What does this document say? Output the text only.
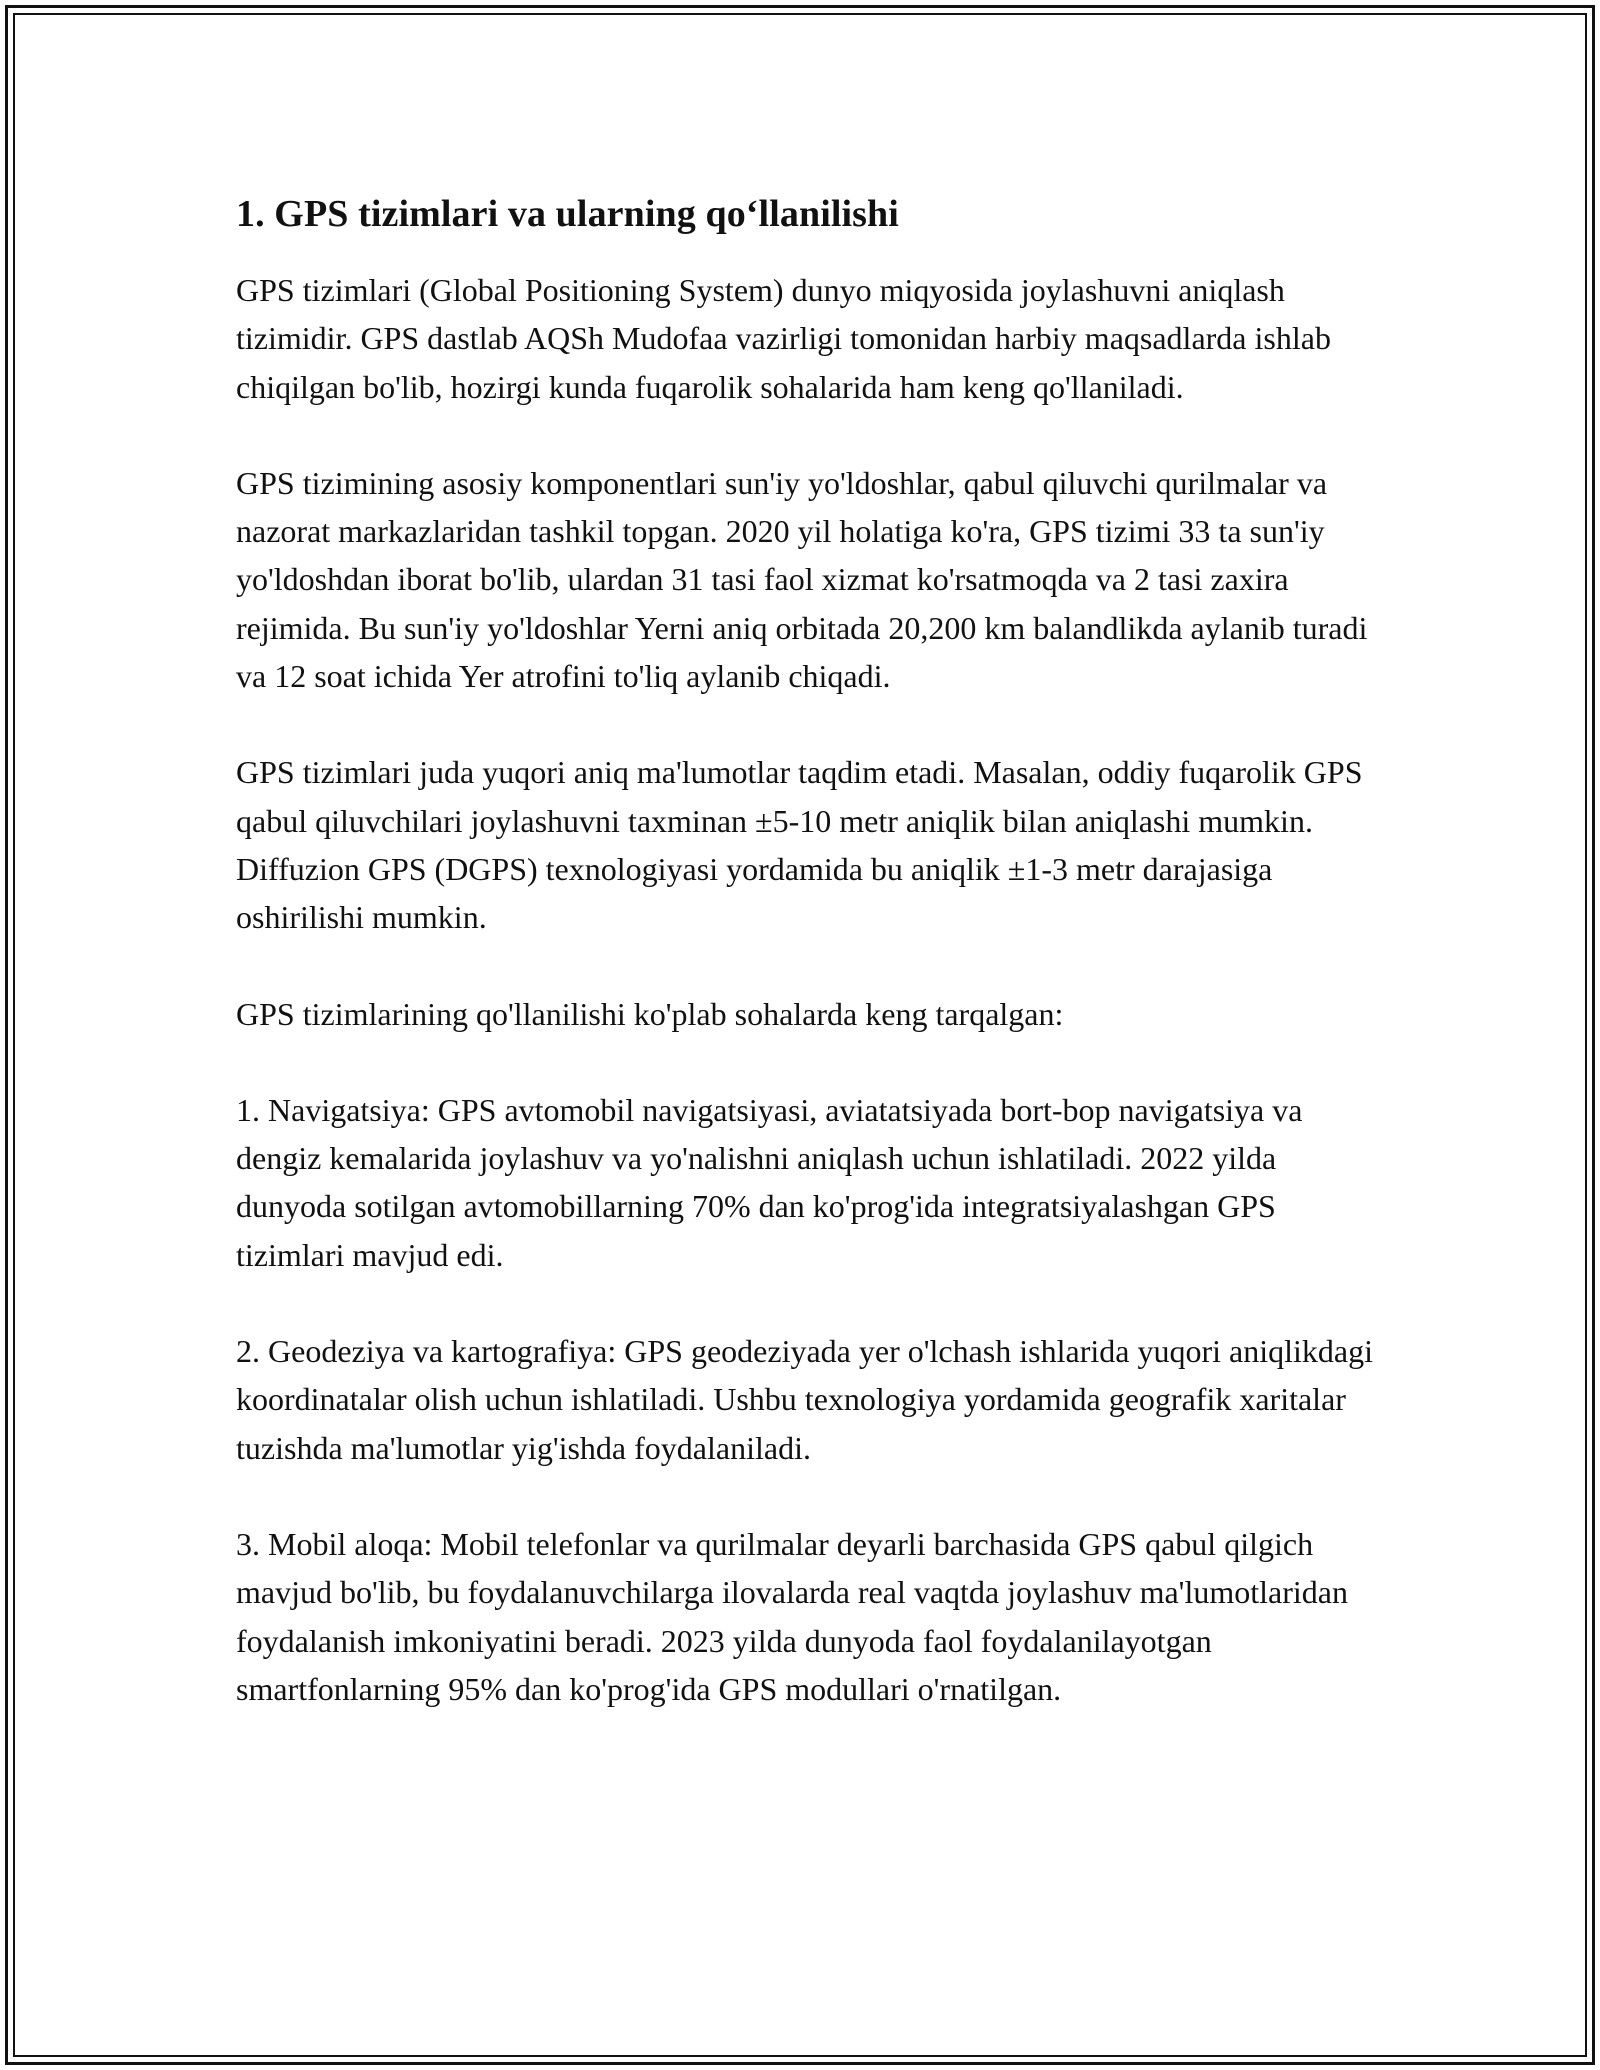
1. GPS tizimlari va ularning qo‘llanilishi

GPS tizimlari (Global Positioning System) dunyo miqyosida joylashuvni aniqlash tizimidir. GPS dastlab AQSh Mudofaa vazirligi tomonidan harbiy maqsadlarda ishlab chiqilgan bo'lib, hozirgi kunda fuqarolik sohalarida ham keng qo'llaniladi.

GPS tizimining asosiy komponentlari sun'iy yo'ldoshlar, qabul qiluvchi qurilmalar va nazorat markazlaridan tashkil topgan. 2020 yil holatiga ko'ra, GPS tizimi 33 ta sun'iy yo'ldoshdan iborat bo'lib, ulardan 31 tasi faol xizmat ko'rsatmoqda va 2 tasi zaxira rejimida. Bu sun'iy yo'ldoshlar Yerni aniq orbitada 20,200 km balandlikda aylanib turadi va 12 soat ichida Yer atrofini to'liq aylanib chiqadi.

GPS tizimlari juda yuqori aniq ma'lumotlar taqdim etadi. Masalan, oddiy fuqarolik GPS qabul qiluvchilari joylashuvni taxminan ±5-10 metr aniqlik bilan aniqlashi mumkin. Diffuzion GPS (DGPS) texnologiyasi yordamida bu aniqlik ±1-3 metr darajasiga oshirilishi mumkin.

GPS tizimlarining qo'llanilishi ko'plab sohalarda keng tarqalgan:

1. Navigatsiya: GPS avtomobil navigatsiyasi, aviatatsiyada bort-bop navigatsiya va dengiz kemalarida joylashuv va yo'nalishni aniqlash uchun ishlatiladi. 2022 yilda dunyoda sotilgan avtomobillarning 70% dan ko'prog'ida integratsiyalashgan GPS tizimlari mavjud edi.

2. Geodeziya va kartografiya: GPS geodeziyada yer o'lchash ishlarida yuqori aniqlikdagi koordinatalar olish uchun ishlatiladi. Ushbu texnologiya yordamida geografik xaritalar tuzishda ma'lumotlar yig'ishda foydalaniladi.

3. Mobil aloqa: Mobil telefonlar va qurilmalar deyarli barchasida GPS qabul qilgich mavjud bo'lib, bu foydalanuvchilarga ilovalarda real vaqtda joylashuv ma'lumotlaridan foydalanish imkoniyatini beradi. 2023 yilda dunyoda faol foydalanilayotgan smartfonlarning 95% dan ko'prog'ida GPS modullari o'rnatilgan.
